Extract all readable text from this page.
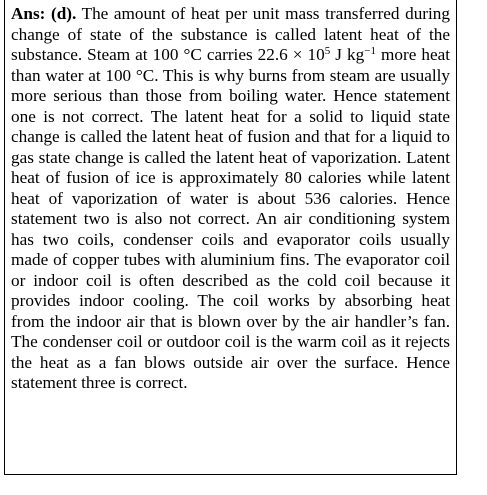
Ans: (d). The amount of heat per unit mass transferred during change of state of the substance is called latent heat of the substance. Steam at 100 °C carries $22.6 \times 10^5$ J $kg^{-1}$ more heat than water at 100 °C. This is why burns from steam are usually more serious than those from boiling water. Hence statement one is not correct. The latent heat for a solid to liquid state change is called the latent heat of fusion and that for a liquid to gas state change is called the latent heat of vaporization. Latent heat of fusion of ice is approximately 80 calories while latent heat of vaporization of water is about 536 calories. Hence statement two is also not correct. An air conditioning system has two coils, condenser coils and evaporator coils usually made of copper tubes with aluminium fins. The evaporator coil or indoor coil is often described as the cold coil because it provides indoor cooling. The coil works by absorbing heat from the indoor air that is blown over by the air handler’s fan. The condenser coil or outdoor coil is the warm coil as it rejects the heat as a fan blows outside air over the surface. Hence statement three is correct.
